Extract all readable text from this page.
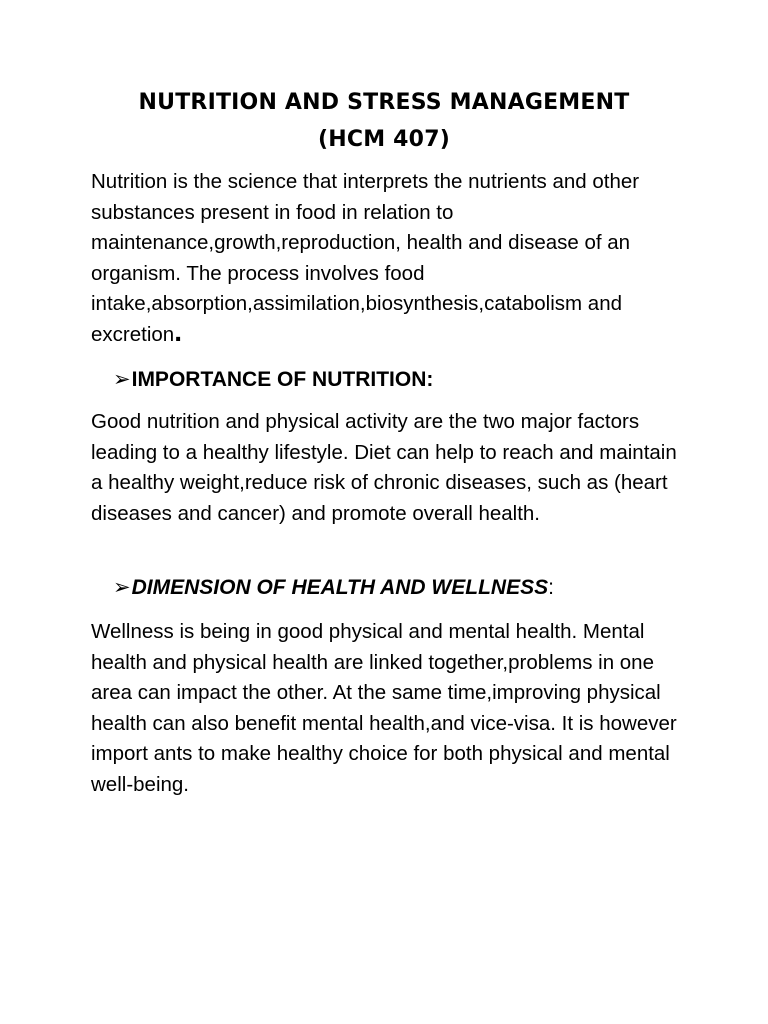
NUTRITION AND STRESS MANAGEMENT
(HCM 407)

Nutrition is the science that interprets the nutrients and other substances present in food in relation to maintenance,growth,reproduction, health and disease of an organism. The process involves food intake,absorption,assimilation,biosynthesis,catabolism and excretion.

➢IMPORTANCE OF NUTRITION:

Good nutrition and physical activity are the two major factors leading to a healthy lifestyle. Diet can help to reach and maintain a healthy weight,reduce risk of chronic diseases, such as (heart diseases and cancer) and promote overall health.

➢DIMENSION OF HEALTH AND WELLNESS:

Wellness is being in good physical and mental health. Mental health and physical health are linked together,problems in one area can impact the other. At the same time,improving physical health can also benefit mental health,and vice-visa. It is however import ants to make healthy choice for both physical and mental well-being.
